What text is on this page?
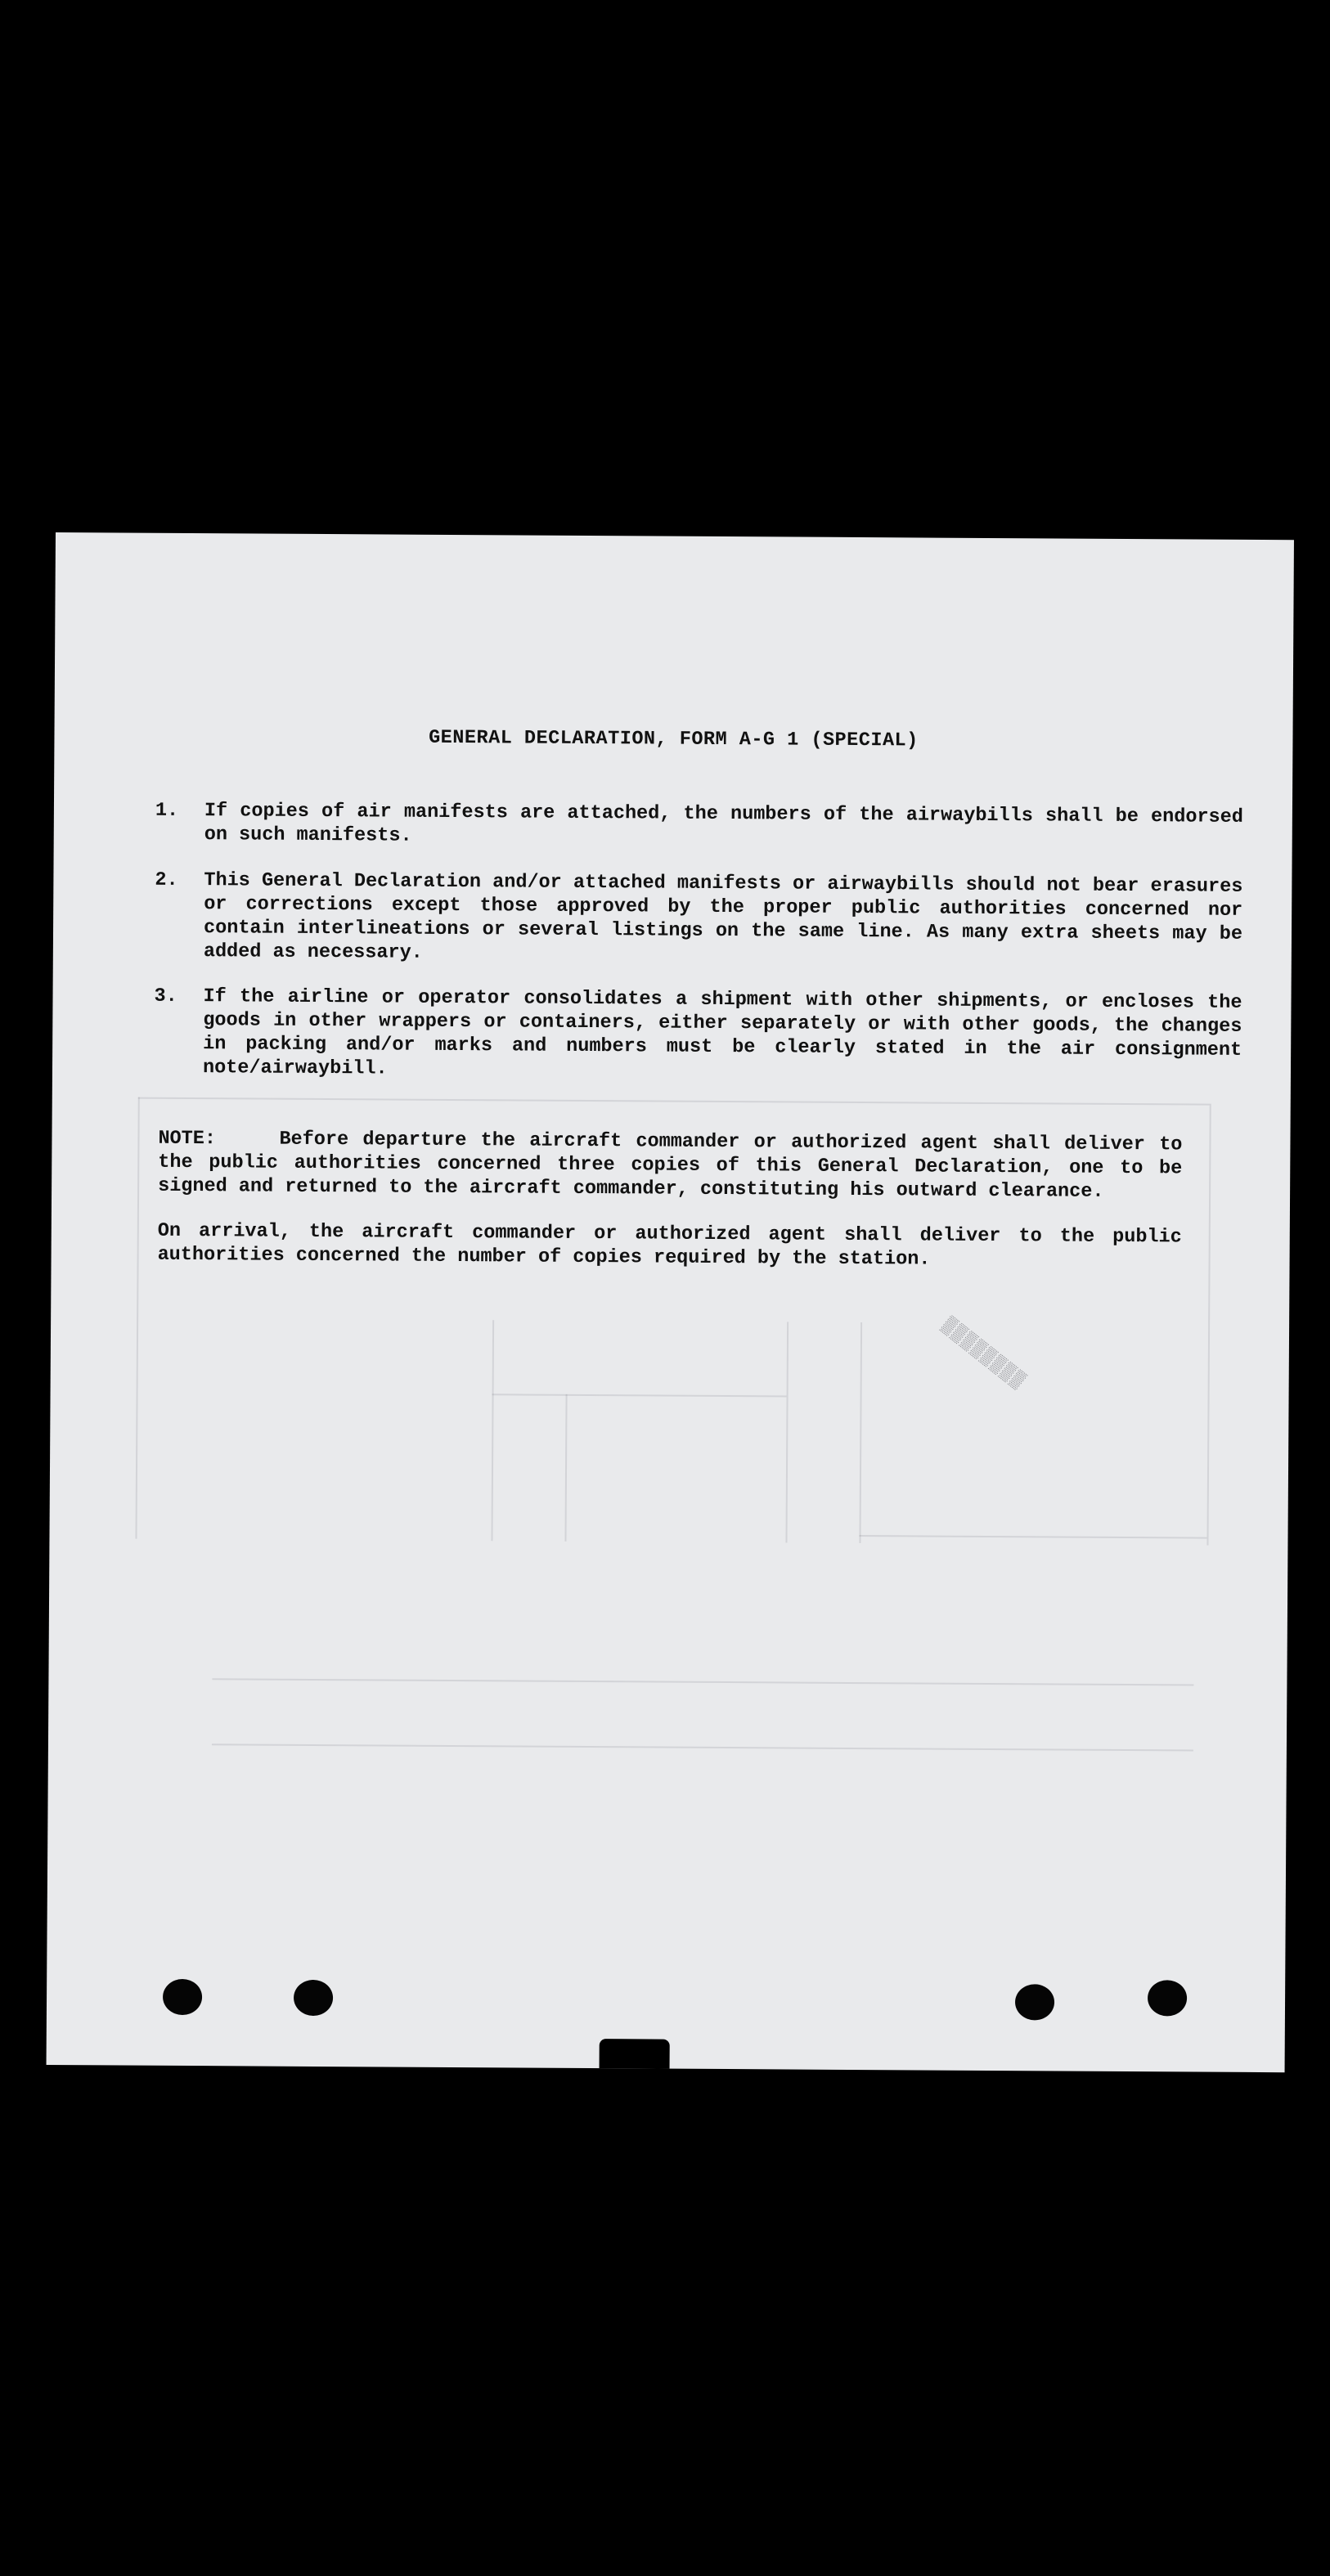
GENERAL DECLARATION, FORM A-G 1 (SPECIAL)
1. If copies of air manifests are attached, the numbers of the airwaybills shall be endorsed on such manifests.
2. This General Declaration and/or attached manifests or airwaybills should not bear erasures or corrections except those approved by the proper public authorities concerned nor contain interlineations or several listings on the same line. As many extra sheets may be added as necessary.
3. If the airline or operator consolidates a shipment with other shipments, or encloses the goods in other wrappers or containers, either separately or with other goods, the changes in packing and/or marks and numbers must be clearly stated in the air consignment note/airwaybill.

NOTE:	Before departure the aircraft commander or authorized agent shall deliver to the public authorities concerned three copies of this General Declaration, one to be signed and returned to the aircraft commander, constituting his outward clearance.

On arrival, the aircraft commander or authorized agent shall deliver to the public authorities concerned the number of copies required by the station.

▒▒▒▒▒▒▒▒
